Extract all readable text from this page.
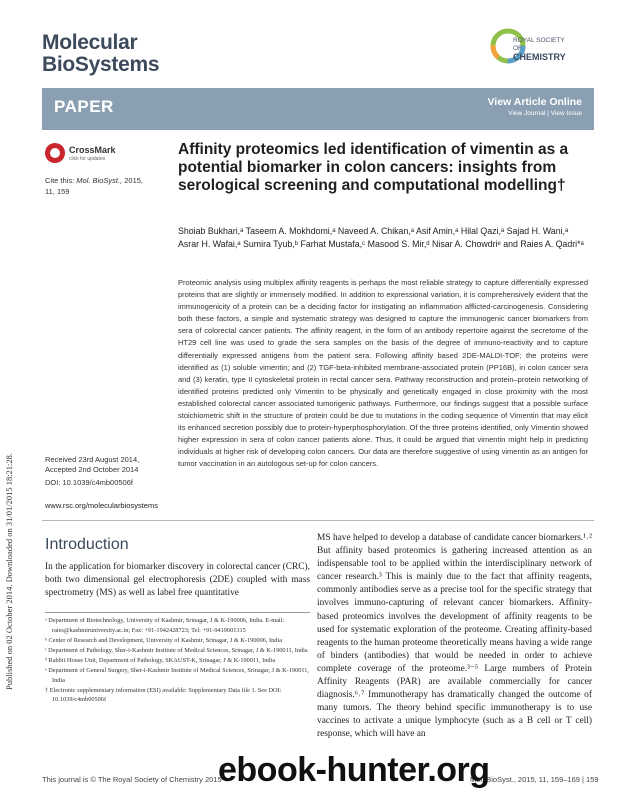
Published on 02 October 2014. Downloaded on 31/01/2015 18:21:28.
Molecular
BioSystems
ROYAL SOCIETY
OF
CHEMISTRY
PAPER	View Article Online
View Journal | View Issue
CrossMark
click for updates
Cite this: Mol. BioSyst., 2015,
11, 159
Affinity proteomics led identification of vimentin as a potential biomarker in colon cancers: insights from serological screening and computational modelling†
Shoiab Bukhari,ᵃ Taseem A. Mokhdomi,ᵃ Naveed A. Chikan,ᵃ Asif Amin,ᵃ Hilal Qazi,ᵃ Sajad H. Wani,ᵃ Asrar H. Wafai,ᵃ Sumira Tyub,ᵇ Farhat Mustafa,ᶜ Masood S. Mir,ᵈ Nisar A. Chowdriᵉ and Raies A. Qadri*ᵃ
Proteomic analysis using multiplex affinity reagents is perhaps the most reliable strategy to capture differentially expressed proteins that are slightly or immensely modified. In addition to expressional variation, it is comprehensively evident that the immunogenicity of a protein can be a deciding factor for instigating an inflammation afflicted-carcinogenesis. Considering both these factors, a simple and systematic strategy was designed to capture the immunogenic cancer biomarkers from sera of colorectal cancer patients. The affinity reagent, in the form of an antibody repertoire against the secretome of the HT29 cell line was used to grade the sera samples on the basis of the degree of immuno-reactivity and to capture differentially expressed antigens from the patient sera. Following affinity based 2DE-MALDI-TOF; the proteins were identified as (1) soluble vimentin; and (2) TGF-beta-inhibited membrane-associated protein (PP16B), in colon cancer sera and (3) keratin, type II cytoskeletal protein in rectal cancer sera. Pathway reconstruction and protein–protein networking of identified proteins predicted only Vimentin to be physically and genetically engaged in close proximity with the most established colorectal cancer associated tumorigenic pathways. Furthermore, our findings suggest that a possible surface stoichiometric shift in the structure of protein could be due to mutations in the coding sequence of Vimentin that may elicit its enhanced secretion possibly due to protein-hyperphosphorylation. Of the three proteins identified, only Vimentin showed higher expression in sera of colon cancer patients alone. Thus, it could be argued that vimentin might help in predicting individuals at higher risk of developing colon cancers. Our data are therefore suggestive of using vimentin as an antigen for tumor vaccination in an autologous set-up for colon cancers.
Received 23rd August 2014,
Accepted 2nd October 2014
DOI: 10.1039/c4mb00506f
www.rsc.org/molecularbiosystems
Introduction
In the application for biomarker discovery in colorectal cancer (CRC), both two dimensional gel electrophoresis (2DE) coupled with mass spectrometry (MS) as well as label free quantitative
MS have helped to develop a database of candidate cancer biomarkers.¹˒² But affinity based proteomics is gathering increased attention as an indispensable tool to be applied within the interdisciplinary network of cancer research.³ This is mainly due to the fact that affinity reagents, commonly antibodies serve as a precise tool for the specific strategy that involves immuno-capturing of relevant cancer biomarkers. Affinity-based proteomics involves the development of affinity reagents to be used for systematic exploration of the proteome. Creating affinity-based reagents to the human proteome theoretically means having a wide range of binders (antibodies) that would be needed in order to achieve complete coverage of the proteome.³⁻⁵ Large numbers of Protein Affinity Reagents (PAR) are available commercially for cancer diagnosis.⁶˒⁷ Immunotherapy has dramatically changed the outcome of many tumors. The theory behind specific immunotherapy is to use vaccines to activate a unique lymphocyte (such as a B cell or T cell) response, which will have an

ᵃ Department of Biotechnology, University of Kashmir, Srinagar, J & K-190006, India. E-mail: raies@kashmiruniversity.ac.in; Fax: +91-1942428723; Tel: +91-9419001315

ᵇ Center of Research and Development, University of Kashmir, Srinagar, J & K-190006, India

ᶜ Department of Pathology, Sher-i-Kashmir Institute of Medical Sciences, Srinagar, J & K-190011, India

ᵈ Rabbit House Unit, Department of Pathology, SKAUST-K, Srinagar, J & K-190011, India

ᵉ Department of General Surgery, Sher-i-Kashmir Institute of Medical Sciences, Srinagar, J & K-190011, India

† Electronic supplementary information (ESI) available: Supplementary Data file 1. See DOI: 10.1039/c4mb00506f

This journal is © The Royal Society of Chemistry 2015	Mol. BioSyst., 2015, 11, 159–169 | 159
ebook-hunter.org
